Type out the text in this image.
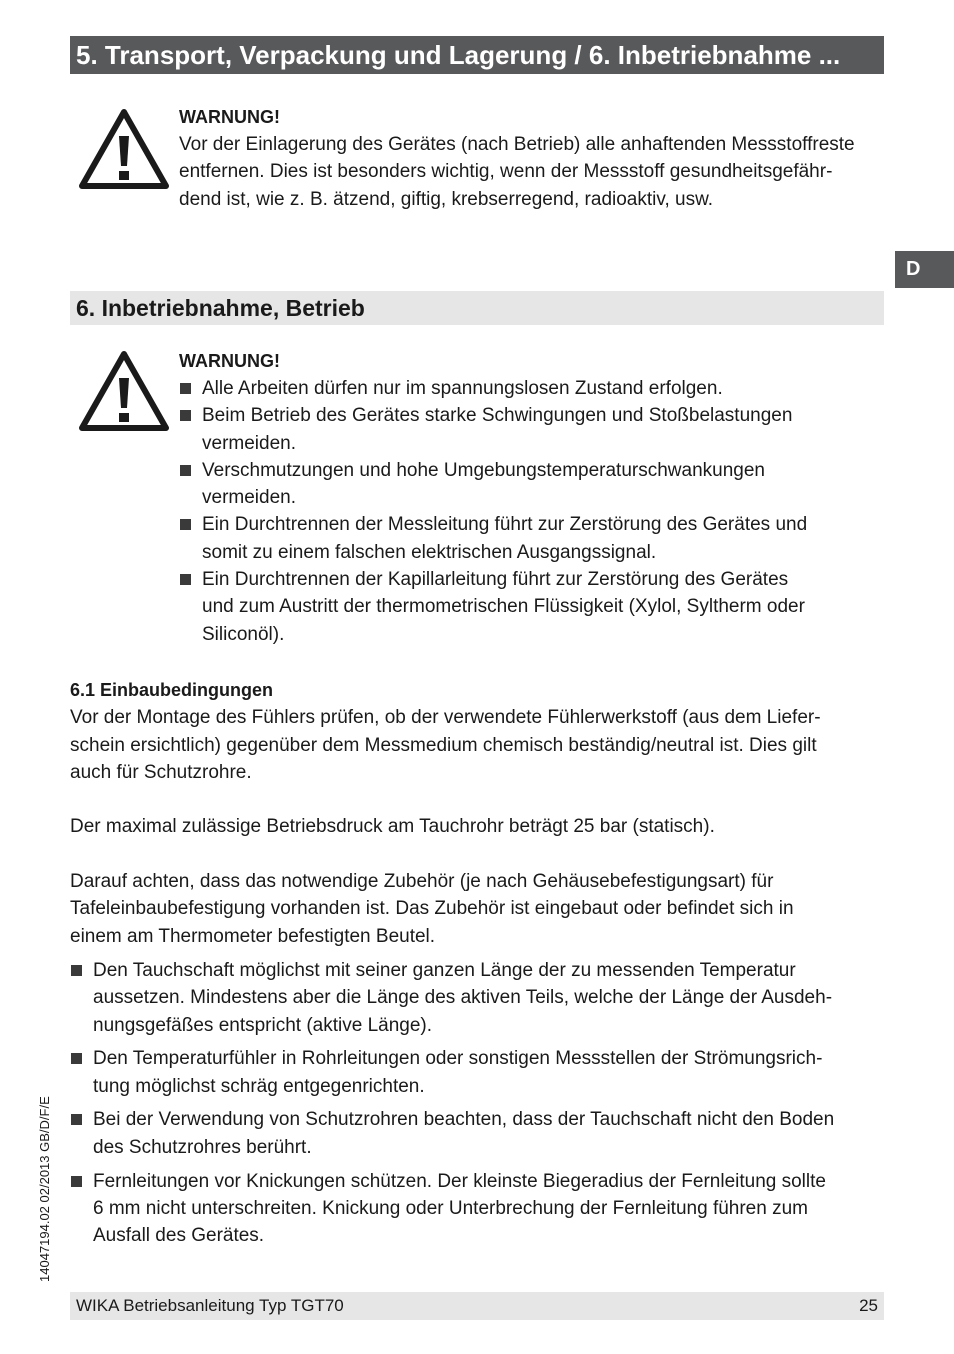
5. Transport, Verpackung und Lagerung / 6. Inbetriebnahme ...
D
WARNUNG!
Vor der Einlagerung des Gerätes (nach Betrieb) alle anhaftenden Messstoffreste
entfernen. Dies ist besonders wichtig, wenn der Messstoff gesundheitsgefähr-
dend ist, wie z. B. ätzend, giftig, krebserregend, radioaktiv, usw.
6. Inbetriebnahme, Betrieb
WARNUNG!
Alle Arbeiten dürfen nur im spannungslosen Zustand erfolgen.
Beim Betrieb des Gerätes starke Schwingungen und Stoßbelastungen
vermeiden.
Verschmutzungen und hohe Umgebungstemperaturschwankungen
vermeiden.
Ein Durchtrennen der Messleitung führt zur Zerstörung des Gerätes und
somit zu einem falschen elektrischen Ausgangssignal.
Ein Durchtrennen der Kapillarleitung führt zur Zerstörung des Gerätes
und zum Austritt der thermometrischen Flüssigkeit (Xylol, Syltherm oder
Siliconöl).
6.1 Einbaubedingungen

Vor der Montage des Fühlers prüfen, ob der verwendete Fühlerwerkstoff (aus dem Liefer-
schein ersichtlich) gegenüber dem Messmedium chemisch beständig/neutral ist. Dies gilt
auch für Schutzrohre.

Der maximal zulässige Betriebsdruck am Tauchrohr beträgt 25 bar (statisch).

Darauf achten, dass das notwendige Zubehör (je nach Gehäusebefestigungsart) für
Tafeleinbaubefestigung vorhanden ist. Das Zubehör ist eingebaut oder befindet sich in
einem am Thermometer befestigten Beutel.

Den Tauchschaft möglichst mit seiner ganzen Länge der zu messenden Temperatur
aussetzen. Mindestens aber die Länge des aktiven Teils, welche der Länge der Ausdeh-
nungsgefäßes entspricht (aktive Länge).
Den Temperaturfühler in Rohrleitungen oder sonstigen Messstellen der Strömungsrich-
tung möglichst schräg entgegenrichten.
Bei der Verwendung von Schutzrohren beachten, dass der Tauchschaft nicht den Boden
des Schutzrohres berührt.
Fernleitungen vor Knickungen schützen. Der kleinste Biegeradius der Fernleitung sollte
6 mm nicht unterschreiten. Knickung oder Unterbrechung der Fernleitung führen zum
Ausfall des Gerätes.
14047194.02 02/2013 GB/D/F/E
WIKA Betriebsanleitung Typ TGT70	25
